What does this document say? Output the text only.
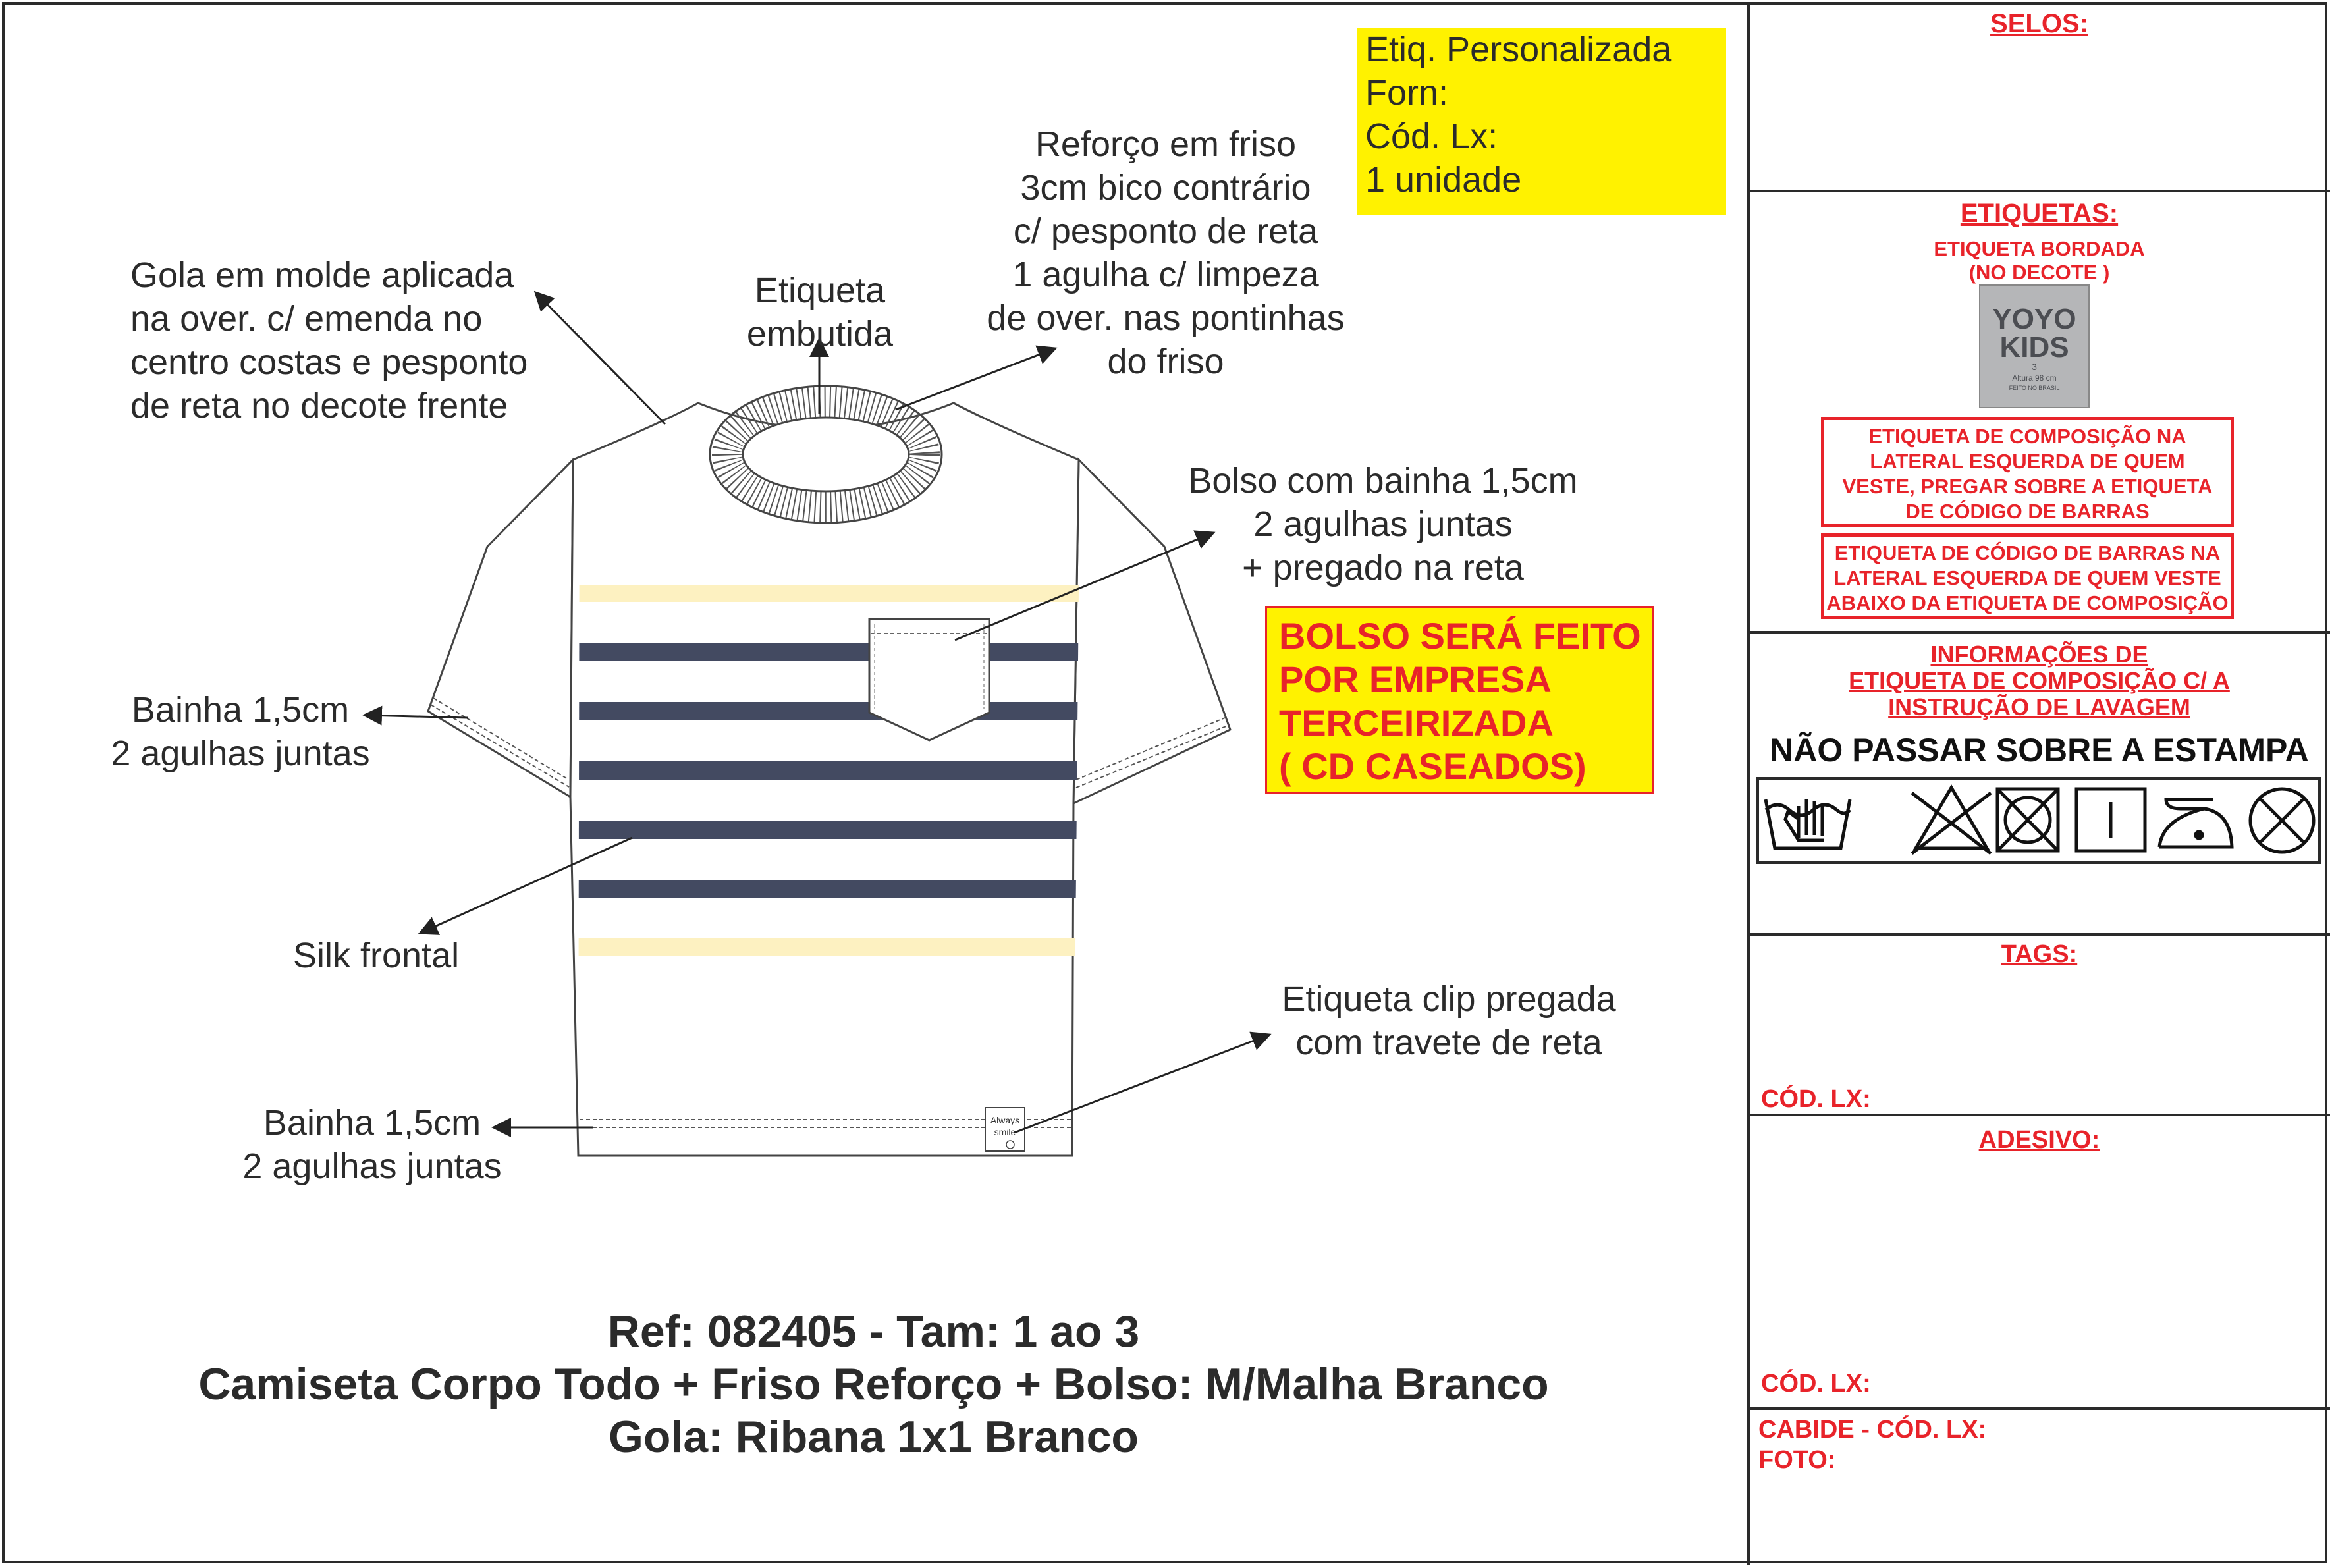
Always
smile
Gola em molde aplicada
na over. c/ emenda no
centro costas e pesponto
de reta no decote frente
Etiqueta
embutida
Reforço em friso
3cm bico contrário
c/ pesponto de reta
1 agulha c/ limpeza
de over. nas pontinhas
do friso
Bolso com bainha 1,5cm
2 agulhas juntas
+ pregado na reta
Bainha 1,5cm
2 agulhas juntas
Silk frontal
Etiqueta clip pregada
com travete de reta
Bainha 1,5cm
2 agulhas juntas
Etiq. Personalizada
Forn:
Cód. Lx:
1 unidade
BOLSO SERÁ FEITO
POR EMPRESA
TERCEIRIZADA
( CD CASEADOS)
Ref: 082405 - Tam: 1 ao 3
Camiseta Corpo Todo + Friso Reforço + Bolso: M/Malha Branco
Gola: Ribana 1x1 Branco
SELOS:
ETIQUETAS:
ETIQUETA BORDADA
(NO DECOTE )
YOYO
KIDS
3
Altura 98 cm
FEITO NO BRASIL
ETIQUETA DE COMPOSIÇÃO NA
LATERAL ESQUERDA DE QUEM
VESTE, PREGAR SOBRE A ETIQUETA
DE CÓDIGO DE BARRAS
ETIQUETA DE CÓDIGO DE BARRAS NA
LATERAL ESQUERDA DE QUEM VESTE
ABAIXO DA ETIQUETA DE COMPOSIÇÃO
INFORMAÇÕES DE
ETIQUETA DE COMPOSIÇÃO C/ A
INSTRUÇÃO DE LAVAGEM
NÃO PASSAR SOBRE A ESTAMPA
TAGS:
CÓD. LX:
ADESIVO:
CÓD. LX:
CABIDE - CÓD. LX:
FOTO:
